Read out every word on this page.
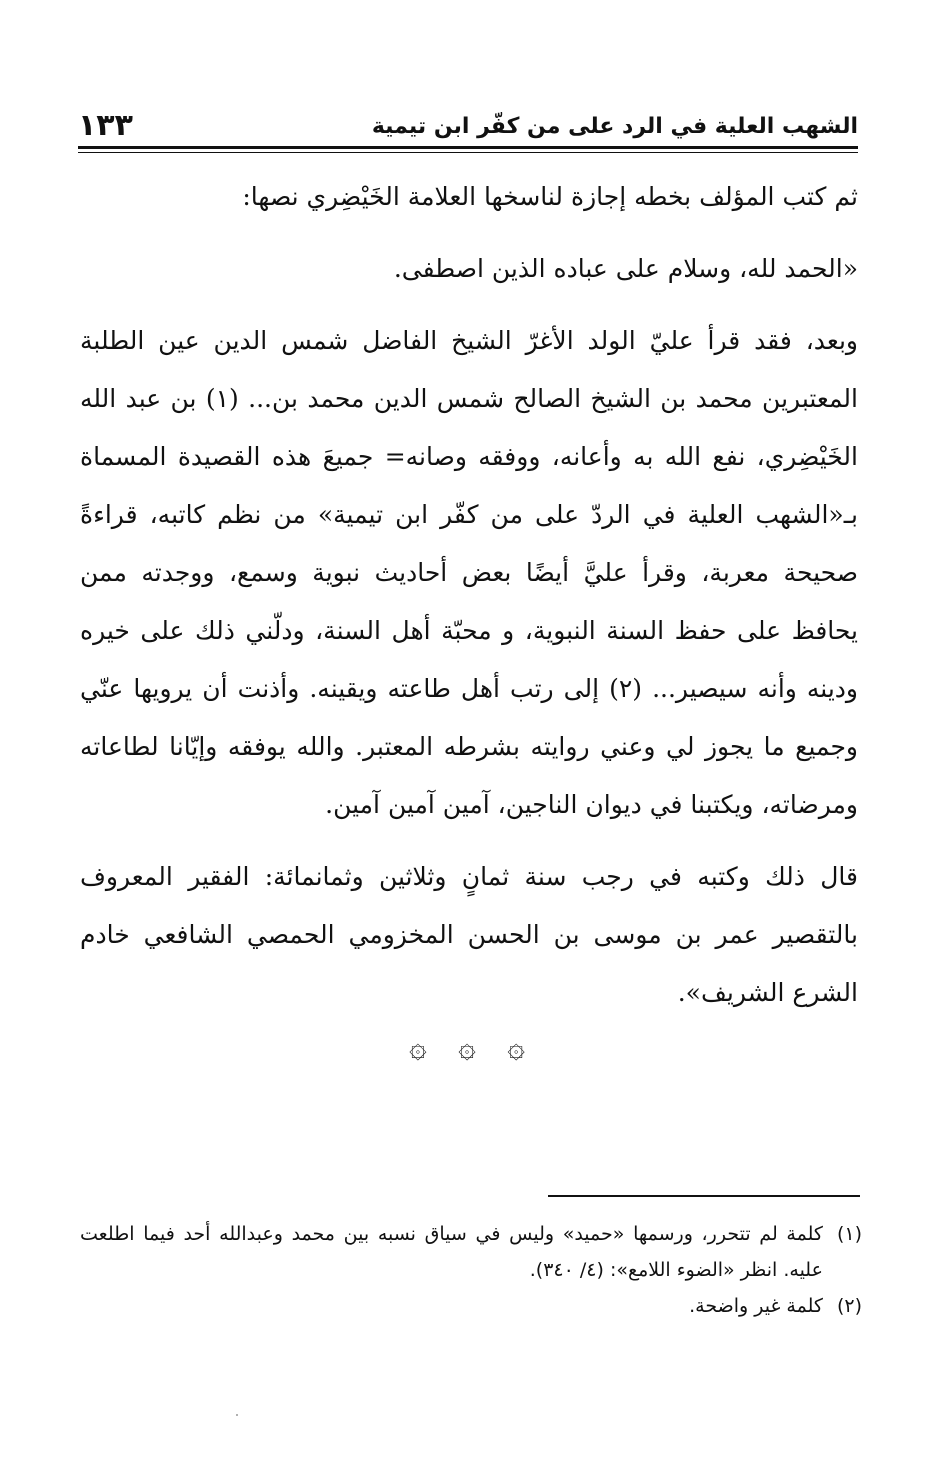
الشهب العلية في الرد على من كفّر ابن تيمية
١٣٣

ثم كتب المؤلف بخطه إجازة لناسخها العلامة الخَيْضِري نصها:

«الحمد لله، وسلام على عباده الذين اصطفى.

وبعد، فقد قرأ عليّ الولد الأغرّ الشيخ الفاضل شمس الدين عين الطلبة المعتبرين محمد بن الشيخ الصالح شمس الدين محمد بن... (١) بن عبد الله الخَيْضِري، نفع الله به وأعانه، ووفقه وصانه= جميعَ هذه القصيدة المسماة بـ«الشهب العلية في الردّ على من كفّر ابن تيمية» من نظم كاتبه، قراءةً صحيحة معربة، وقرأ عليَّ أيضًا بعض أحاديث نبوية وسمع، ووجدته ممن يحافظ على حفظ السنة النبوية، و محبّة أهل السنة، ودلّني ذلك على خيره ودينه وأنه سيصير... (٢) إلى رتب أهل طاعته ويقينه. وأذنت أن يرويها عنّي وجميع ما يجوز لي وعني روايته بشرطه المعتبر. والله يوفقه وإيّانا لطاعاته ومرضاته، ويكتبنا في ديوان الناجين، آمين آمين آمين.

قال ذلك وكتبه في رجب سنة ثمانٍ وثلاثين وثمانمائة: الفقير المعروف بالتقصير عمر بن موسى بن الحسن المخزومي الحمصي الشافعي خادم الشرع الشريف».

۞ ۞ ۞
(١)
كلمة لم تتحرر، ورسمها «حميد» وليس في سياق نسبه بين محمد وعبدالله أحد فيما اطلعت عليه. انظر «الضوء اللامع»: (٤/ ٣٤٠).
(٢)
كلمة غير واضحة.
